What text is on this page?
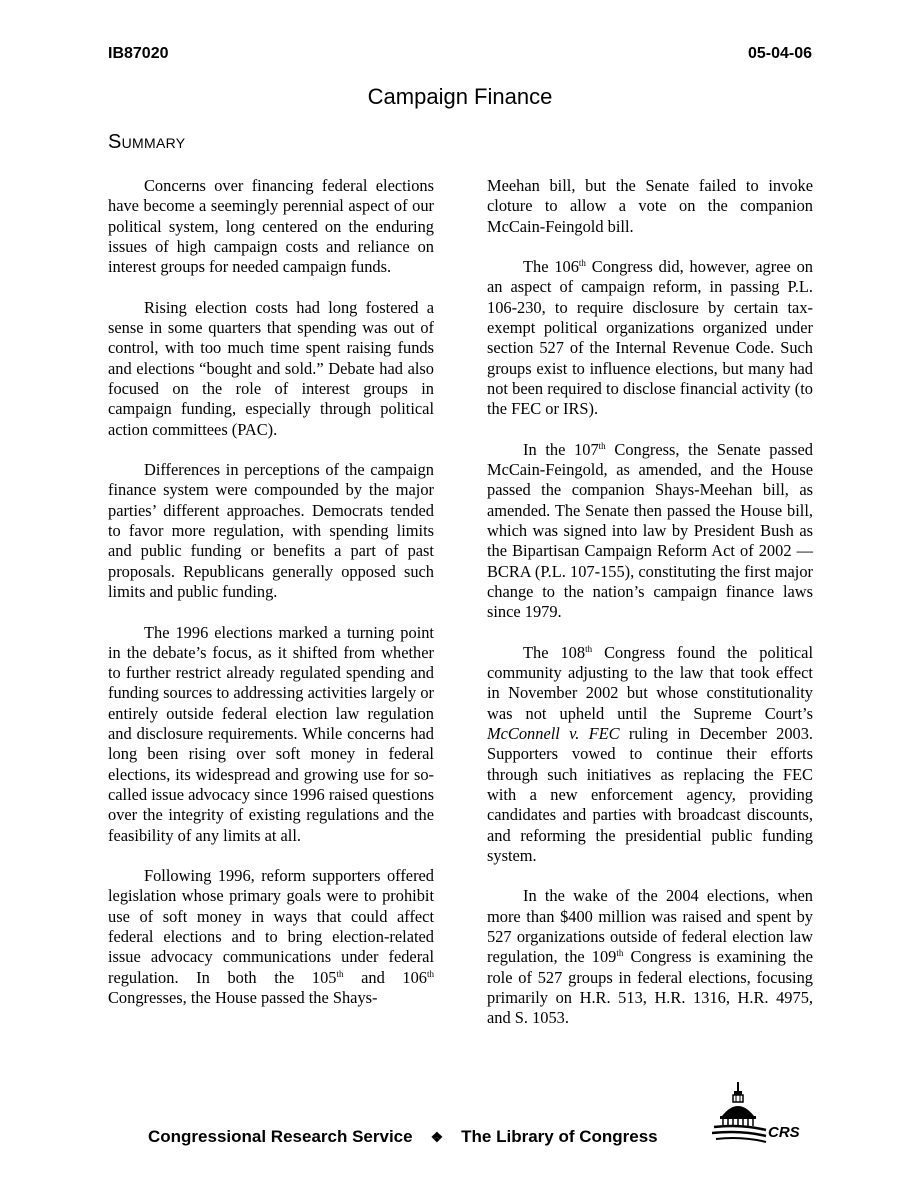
IB87020	05-04-06
Campaign Finance
Summary

Concerns over financing federal elections have become a seemingly perennial aspect of our political system, long centered on the enduring issues of high campaign costs and reliance on interest groups for needed campaign funds.

Rising election costs had long fostered a sense in some quarters that spending was out of control, with too much time spent raising funds and elections “bought and sold.” Debate had also focused on the role of interest groups in campaign funding, especially through political action committees (PAC).

Differences in perceptions of the campaign finance system were compounded by the major parties’ different approaches. Democrats tended to favor more regulation, with spending limits and public funding or benefits a part of past proposals. Republicans generally opposed such limits and public funding.

The 1996 elections marked a turning point in the debate’s focus, as it shifted from whether to further restrict already regulated spending and funding sources to addressing activities largely or entirely outside federal election law regulation and disclosure requirements. While concerns had long been rising over soft money in federal elections, its widespread and growing use for so-called issue advocacy since 1996 raised questions over the integrity of existing regulations and the feasibility of any limits at all.

Following 1996, reform supporters offered legislation whose primary goals were to prohibit use of soft money in ways that could affect federal elections and to bring election-related issue advocacy communications under federal regulation. In both the 105th and 106th Congresses, the House passed the Shays-

Meehan bill, but the Senate failed to invoke cloture to allow a vote on the companion McCain-Feingold bill.

The 106th Congress did, however, agree on an aspect of campaign reform, in passing P.L. 106-230, to require disclosure by certain tax-exempt political organizations organized under section 527 of the Internal Revenue Code. Such groups exist to influence elections, but many had not been required to disclose financial activity (to the FEC or IRS).

In the 107th Congress, the Senate passed McCain-Feingold, as amended, and the House passed the companion Shays-Meehan bill, as amended. The Senate then passed the House bill, which was signed into law by President Bush as the Bipartisan Campaign Reform Act of 2002 — BCRA (P.L. 107-155), constituting the first major change to the nation’s campaign finance laws since 1979.

The 108th Congress found the political community adjusting to the law that took effect in November 2002 but whose constitutionality was not upheld until the Supreme Court’s McConnell v. FEC ruling in December 2003. Supporters vowed to continue their efforts through such initiatives as replacing the FEC with a new enforcement agency, providing candidates and parties with broadcast discounts, and reforming the presidential public funding system.

In the wake of the 2004 elections, when more than $400 million was raised and spent by 527 organizations outside of federal election law regulation, the 109th Congress is examining the role of 527 groups in federal elections, focusing primarily on H.R. 513, H.R. 1316, H.R. 4975, and S. 1053.

Congressional Research Service ❖ The Library of Congress	CRS
